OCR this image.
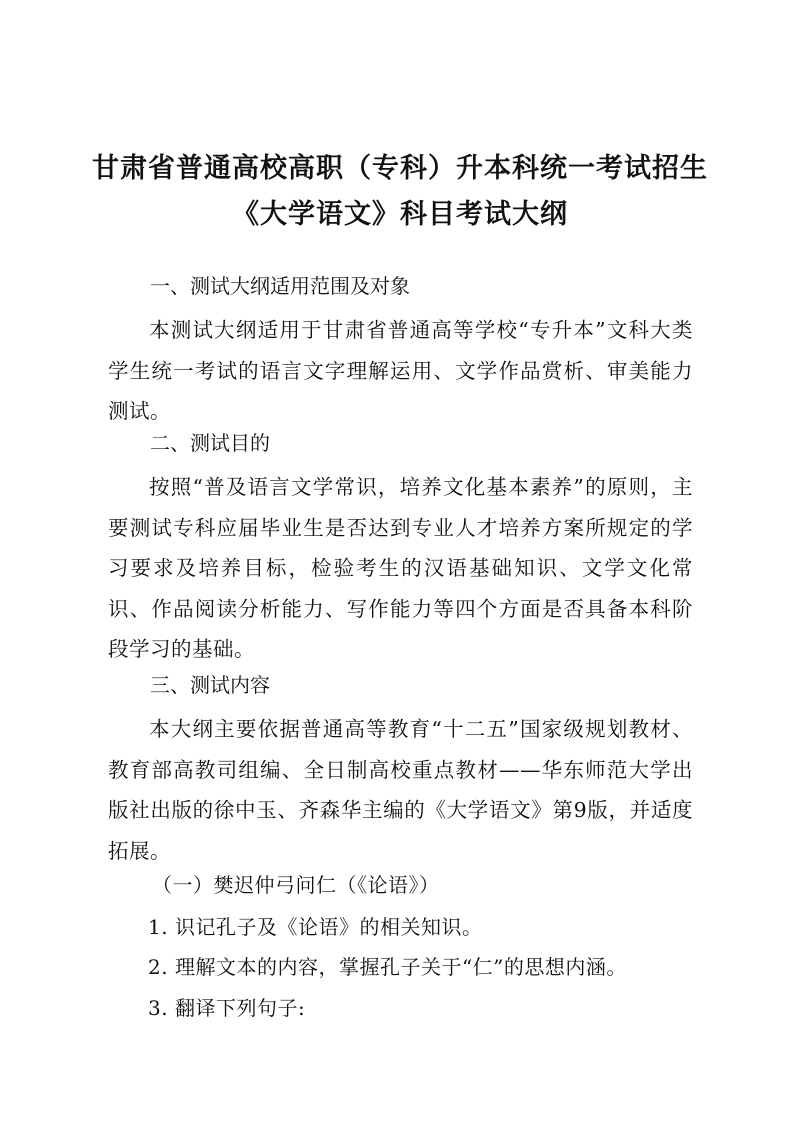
甘肃省普通高校高职（专科）升本科统一考试招生
《大学语文》科目考试大纲
一、测试大纲适用范围及对象

本测试大纲适用于甘肃省普通高等学校“专升本”文科大类学生统一考试的语言文字理解运用、文学作品赏析、审美能力测试。

二、测试目的

按照“普及语言文学常识，培养文化基本素养”的原则，主要测试专科应届毕业生是否达到专业人才培养方案所规定的学习要求及培养目标，检验考生的汉语基础知识、文学文化常识、作品阅读分析能力、写作能力等四个方面是否具备本科阶段学习的基础。

三、测试内容

本大纲主要依据普通高等教育“十二五”国家级规划教材、教育部高教司组编、全日制高校重点教材——华东师范大学出版社出版的徐中玉、齐森华主编的《大学语文》第9版，并适度拓展。

（一）樊迟仲弓问仁（《论语》）
1. 识记孔子及《论语》的相关知识。
2. 理解文本的内容，掌握孔子关于“仁”的思想内涵。
3. 翻译下列句子:
